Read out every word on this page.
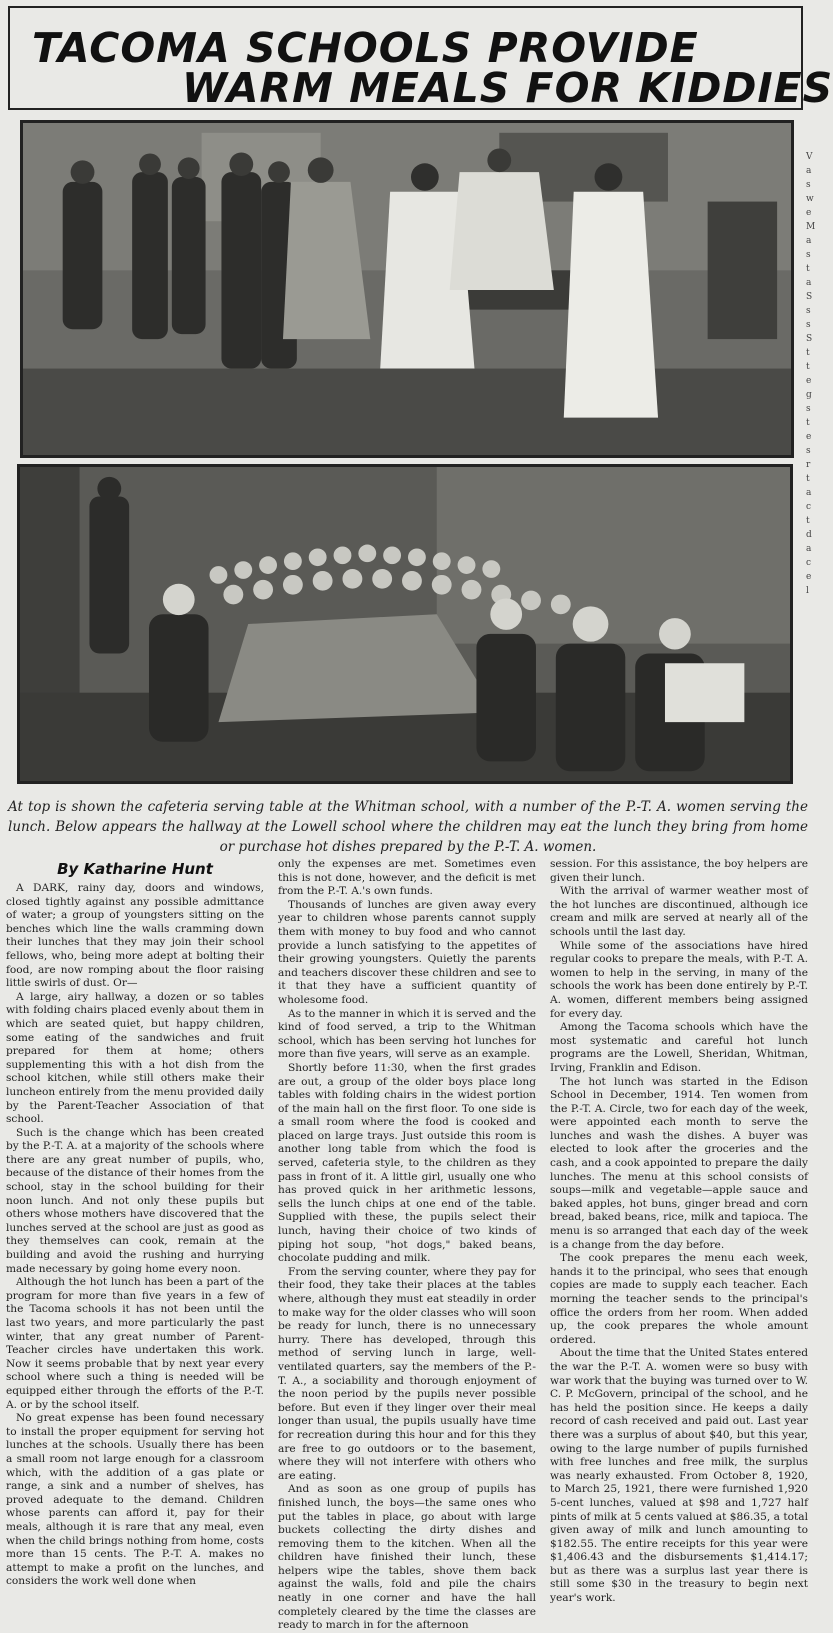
TACOMA SCHOOLS PROVIDE
WARM MEALS FOR KIDDIES
V
a
s
w
e
M
a
s
t
a
S
s
s
S
t
t
e
g
s
t
e
s
r
t
a
c
t
d
a
c
e
l

At top is shown the cafeteria serving table at the Whitman school, with a number of the P.-T. A. women serving the lunch. Below appears the hallway at the Lowell school where the children may eat the lunch they bring from home or purchase hot dishes prepared by the P.-T. A. women.

By Katharine Hunt

A DARK, rainy day, doors and windows, closed tightly against any possible admittance of water; a group of youngsters sitting on the benches which line the walls cramming down their lunches that they may join their school fellows, who, being more adept at bolting their food, are now romping about the floor raising little swirls of dust. Or—

A large, airy hallway, a dozen or so tables with folding chairs placed evenly about them in which are seated quiet, but happy children, some eating of the sandwiches and fruit prepared for them at home; others supplementing this with a hot dish from the school kitchen, while still others make their luncheon entirely from the menu provided daily by the Parent-Teacher Association of that school.

Such is the change which has been created by the P.-T. A. at a majority of the schools where there are any great number of pupils, who, because of the distance of their homes from the school, stay in the school building for their noon lunch. And not only these pupils but others whose mothers have discovered that the lunches served at the school are just as good as they themselves can cook, remain at the building and avoid the rushing and hurrying made necessary by going home every noon.

Although the hot lunch has been a part of the program for more than five years in a few of the Tacoma schools it has not been until the last two years, and more particularly the past winter, that any great number of Parent-Teacher circles have undertaken this work. Now it seems probable that by next year every school where such a thing is needed will be equipped either through the efforts of the P.-T. A. or by the school itself.

No great expense has been found necessary to install the proper equipment for serving hot lunches at the schools. Usually there has been a small room not large enough for a classroom which, with the addition of a gas plate or range, a sink and a number of shelves, has proved adequate to the demand. Children whose parents can afford it, pay for their meals, although it is rare that any meal, even when the child brings nothing from home, costs more than 15 cents. The P.-T. A. makes no attempt to make a profit on the lunches, and considers the work well done when

only the expenses are met. Sometimes even this is not done, however, and the deficit is met from the P.-T. A.'s own funds.

Thousands of lunches are given away every year to children whose parents cannot supply them with money to buy food and who cannot provide a lunch satisfying to the appetites of their growing youngsters. Quietly the parents and teachers discover these children and see to it that they have a sufficient quantity of wholesome food.

As to the manner in which it is served and the kind of food served, a trip to the Whitman school, which has been serving hot lunches for more than five years, will serve as an example.

Shortly before 11:30, when the first grades are out, a group of the older boys place long tables with folding chairs in the widest portion of the main hall on the first floor. To one side is a small room where the food is cooked and placed on large trays. Just outside this room is another long table from which the food is served, cafeteria style, to the children as they pass in front of it. A little girl, usually one who has proved quick in her arithmetic lessons, sells the lunch chips at one end of the table. Supplied with these, the pupils select their lunch, having their choice of two kinds of piping hot soup, "hot dogs," baked beans, chocolate pudding and milk.

From the serving counter, where they pay for their food, they take their places at the tables where, although they must eat steadily in order to make way for the older classes who will soon be ready for lunch, there is no unnecessary hurry. There has developed, through this method of serving lunch in large, well-ventilated quarters, say the members of the P.-T. A., a sociability and thorough enjoyment of the noon period by the pupils never possible before. But even if they linger over their meal longer than usual, the pupils usually have time for recreation during this hour and for this they are free to go outdoors or to the basement, where they will not interfere with others who are eating.

And as soon as one group of pupils has finished lunch, the boys—the same ones who put the tables in place, go about with large buckets collecting the dirty dishes and removing them to the kitchen. When all the children have finished their lunch, these helpers wipe the tables, shove them back against the walls, fold and pile the chairs neatly in one corner and have the hall completely cleared by the time the classes are ready to march in for the afternoon

session. For this assistance, the boy helpers are given their lunch.

With the arrival of warmer weather most of the hot lunches are discontinued, although ice cream and milk are served at nearly all of the schools until the last day.

While some of the associations have hired regular cooks to prepare the meals, with P.-T. A. women to help in the serving, in many of the schools the work has been done entirely by P.-T. A. women, different members being assigned for every day.

Among the Tacoma schools which have the most systematic and careful hot lunch programs are the Lowell, Sheridan, Whitman, Irving, Franklin and Edison.

The hot lunch was started in the Edison School in December, 1914. Ten women from the P.-T. A. Circle, two for each day of the week, were appointed each month to serve the lunches and wash the dishes. A buyer was elected to look after the groceries and the cash, and a cook appointed to prepare the daily lunches. The menu at this school consists of soups—milk and vegetable—apple sauce and baked apples, hot buns, ginger bread and corn bread, baked beans, rice, milk and tapioca. The menu is so arranged that each day of the week is a change from the day before.

The cook prepares the menu each week, hands it to the principal, who sees that enough copies are made to supply each teacher. Each morning the teacher sends to the principal's office the orders from her room. When added up, the cook prepares the whole amount ordered.

About the time that the United States entered the war the P.-T. A. women were so busy with war work that the buying was turned over to W. C. P. McGovern, principal of the school, and he has held the position since. He keeps a daily record of cash received and paid out. Last year there was a surplus of about $40, but this year, owing to the large number of pupils furnished with free lunches and free milk, the surplus was nearly exhausted. From October 8, 1920, to March 25, 1921, there were furnished 1,920 5-cent lunches, valued at $98 and 1,727 half pints of milk at 5 cents valued at $86.35, a total given away of milk and lunch amounting to $182.55. The entire receipts for this year were $1,406.43 and the disbursements $1,414.17; but as there was a surplus last year there is still some $30 in the treasury to begin next year's work.
